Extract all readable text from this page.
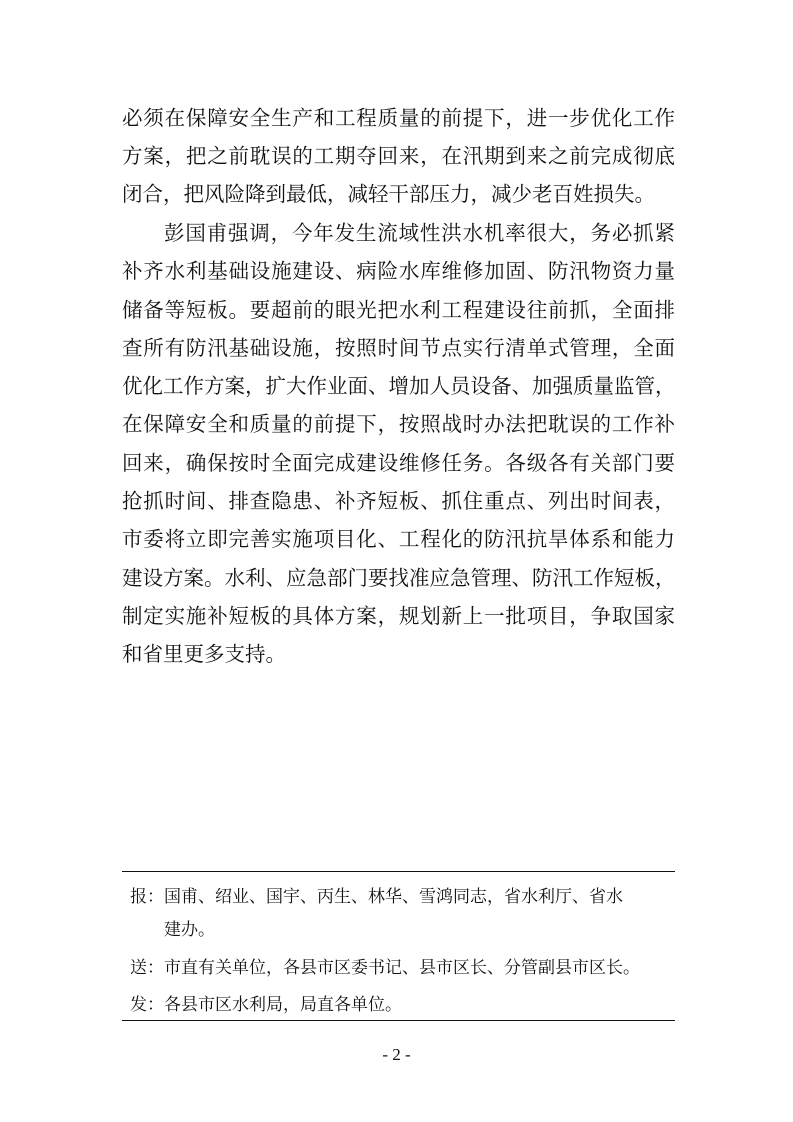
必须在保障安全生产和工程质量的前提下，进一步优化工作
方案，把之前耽误的工期夺回来，在汛期到来之前完成彻底
闭合，把风险降到最低，减轻干部压力，减少老百姓损失。
彭国甫强调，今年发生流域性洪水机率很大，务必抓紧
补齐水利基础设施建设、病险水库维修加固、防汛物资力量
储备等短板。要超前的眼光把水利工程建设往前抓，全面排
查所有防汛基础设施，按照时间节点实行清单式管理，全面
优化工作方案，扩大作业面、增加人员设备、加强质量监管，
在保障安全和质量的前提下，按照战时办法把耽误的工作补
回来，确保按时全面完成建设维修任务。各级各有关部门要
抢抓时间、排查隐患、补齐短板、抓住重点、列出时间表，
市委将立即完善实施项目化、工程化的防汛抗旱体系和能力
建设方案。水利、应急部门要找准应急管理、防汛工作短板，
制定实施补短板的具体方案，规划新上一批项目，争取国家
和省里更多支持。
报：国甫、绍业、国宇、丙生、林华、雪鸿同志，省水利厅、省水
建办。
送：市直有关单位，各县市区委书记、县市区长、分管副县市区长。
发：各县市区水利局，局直各单位。
- 2 -
